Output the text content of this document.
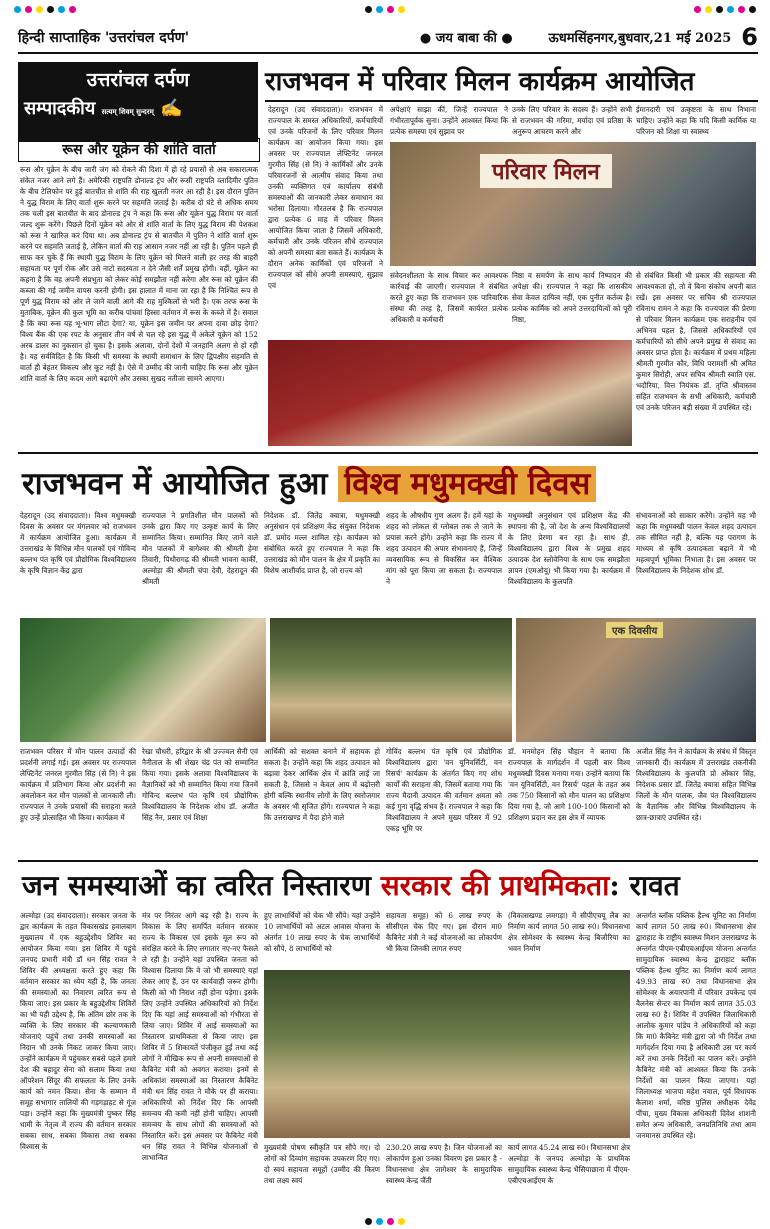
हिन्दी साप्ताहिक 'उत्तरांचल दर्पण'	● जय बाबा की ●	ऊधमसिंहनगर,बुधवार,21 मई 2025 6
उत्तरांचल दर्पण
सम्पादकीय सत्यम् शिवम् सुन्दरम् ✍
रूस और यूक्रेन की शांति वार्ता
रूस और यूक्रेन के बीच जारी जंग को रोकने की दिशा में हो रहे प्रयासों से अब सकारात्मक संकेत नजर आने लगे हैं। अमेरिकी राष्ट्रपति डोनाल्ड ट्रंप और रूसी राष्ट्रपति व्लादिमीर पुतिन के बीच टेलिफोन पर हुई बातचीत से शांति की राह खुलती नजर आ रही है। इस दौरान पुतिन ने युद्ध विराम के लिए वार्ता शुरू करने पर सहमति जताई है। करीब दो घंटे से अधिक समय तक चली इस बातचीत के बाद डोनाल्ड ट्रंप ने कहा कि रूस और यूक्रेन युद्ध विराम पर वार्ता जल्द शुरू करेंगे। पिछले दिनों यूक्रेन को ओर से शांति वार्ता के लिए युद्ध विराम की पेशकश को रूस ने खारिज कर दिया था। अब डोनाल्ड ट्रंप से बातचीत में पुतिन ने शांति वार्ता शुरू करने पर सहमति जताई है, लेकिन वार्ता की राह आसान नजर नहीं आ रही है। पुतिन पहले ही साफ कर चुके हैं कि स्थायी युद्ध विराम के लिए यूक्रेन को मिलने वाली हर तरह की बाहरी सहायता पर पूर्ण रोक और उसे नाटो सदस्यता न देने जैसी शर्तें प्रमुख होंगी। वहीं, यूक्रेन का कहना है कि वह अपनी संप्रभुता को लेकर कोई समझौता नहीं करेगा और रूस को यूक्रेन की कब्जा की गई जमीन वापस करनी होगी। इस हालात में माना जा रहा है कि निश्चित रूप से पूर्ण युद्ध विराम को ओर ले जाने वाली आगे की राह मुश्किलों से भरी है। एक तरफ रूस के मुताबिक, यूक्रेन की कुल भूमि का करीब पांचवां हिस्सा वर्तमान में रूस के कब्जे में है। सवाल है कि क्या रूस यह भू-भाग लौटा देगा? या, यूक्रेन इस जमीन पर अपना दावा छोड़ देगा? विश्व बैंक की एक रपट के अनुसार तीन वर्ष से चल रहे इस युद्ध में अकेले यूक्रेन को 152 अरब डालर का नुकसान हो चुका है। इसके अलावा, दोनों देशों में जनहानि अलग से हो रही है। यह सर्वविदित है कि किसी भी समस्या के स्थायी समाधान के लिए द्विपक्षीय सहमति से वार्ता ही बेहतर विकल्प और कूट नहीं है। ऐसे में उम्मीद की जानी चाहिए कि रूस और यूक्रेन शांति वार्ता के लिए कदम आगे बढ़ाएंगे और उसका सुखद नतीजा सामने आएगा।
राजभवन में परिवार मिलन कार्यक्रम आयोजित
देहरादून (उद संवाददाता)। राजभवन में राज्यपाल के समस्त अधिकारियों, कर्मचारियों एवं उनके परिजनों के लिए परिवार मिलन कार्यक्रम का आयोजन किया गया। इस अवसर पर राज्यपाल लेफ्टिनेंट जनरल गुरमीत सिंह (से नि) ने कार्मिकों और उनके परिवारजनों से आत्मीय संवाद किया तथा उनकी व्यक्तिगत एवं कार्यालय संबंधी समस्याओं की जानकारी लेकर समाधान का भरोसा दिलाया। गौरतलब है कि राज्यपाल द्वारा प्रत्येक 6 माह में परिवार मिलन आयोजित किया जाता है जिसमें अधिकारी, कर्मचारी और उनके परिजन सीधे राज्यपाल को अपनी समस्या बता सकते हैं। कार्यक्रम के दौरान अनेक कार्मिकों एवं परिजनों ने राज्यपाल को सीधे अपनी समस्याएं, सुझाव एवं
अपेक्षाएं साझा कीं, जिन्हें राज्यपाल ने गंभीरतापूर्वक सुना। उन्होंने आश्वस्त किया कि प्रत्येक समस्या एवं सुझाव पर
उनके लिए परिवार के सदस्य हैं। उन्होंने सभी से राजभवन की गरिमा, मर्यादा एवं प्रतिष्ठा के अनुरूप आचरण करने और
ईमानदारी एवं उत्कृष्टता के साथ निभाना चाहिए। उन्होंने कहा कि यदि किसी कार्मिक या परिजन को शिक्षा या स्वास्थ्य
परिवार मिलन
संवेदनशीलता के साथ विचार कर आवश्यक कार्रवाई की जाएगी। राज्यपाल ने संबंधित करते हुए कहा कि राजभवन एक पारिवारिक संस्था की तरह है, जिसमें कार्यरत प्रत्येक अधिकारी व कर्मचारी
निष्ठा व समर्पण के साथ कार्य निष्पादन की अपेक्षा की। राज्यपाल ने कहा कि शासकीय सेवा केवल दायित्व नहीं, एक पुनीत कर्तव्य है। प्रत्येक कार्मिक को अपने उत्तरदायित्वों को पूरी निष्ठा,
से संबंधित किसी भी प्रकार की सहायता की आवश्यकता हो, तो वे बिना संकोच अपनी बात रखें। इस अवसर पर सचिव श्री राज्यपाल रविनाथ रामन ने कहा कि राज्यपाल की प्रेरणा से परिवार मिलन कार्यक्रम एक सराहनीय एवं अभिनव पहल है, जिससे अधिकारियों एवं कर्मचारियों को सीधे अपने प्रमुख से संवाद का अवसर प्राप्त होता है। कार्यक्रम में प्रथम महिला श्रीमती गुरमीत कौर, विधि परामर्शी श्री अमित कुमार सिरोही, अपर सचिव श्रीमती स्वाति एस. भदौरिया, वित्त नियंत्रक डॉ. तृप्ति श्रीवास्तव सहित राजभवन के सभी अधिकारी, कर्मचारी एवं उनके परिजन बड़ी संख्या में उपस्थित रहे।
राजभवन में आयोजित हुआ विश्व मधुमक्खी दिवस
देहरादून (उद संवाददाता)। विश्व मधुमक्खी दिवस के अवसर पर मंगलवार को राजभवन में कार्यक्रम आयोजित हुआ। कार्यक्रम में उत्तराखंड के विभिन्न मौन पालकों एवं गोविन्द बल्लभ पंत कृषि एवं प्रौद्योगिक विश्वविद्यालय के कृषि विज्ञान केंद्र द्वारा
राज्यपाल ने प्रगतिशील मौन पालकों को उनके द्वारा किए गए उत्कृष्ट कार्य के लिए सम्मानित किया। सम्मानित किए जाने वाले मौन पालकों में बागेश्वर की श्रीमती हेमा तिवारी, पिथौरागढ़ की श्रीमती भावना कार्की, अल्मोड़ा की श्रीमती चंपा देवी, देहरादून की श्रीमती
निदेशक डॉ. जितेंद्र क्वात्रा, मधुमक्खी अनुसंधान एवं प्रशिक्षण केंद्र संयुक्त निदेशक डॉ. प्रमोद मल्ल शामिल रहे। कार्यक्रम को संबोधित करते हुए राज्यपाल ने कहा कि उत्तराखंड को मौन पालन के क्षेत्र में प्रकृति का विशेष आशीर्वाद प्राप्त है, जो राज्य को
शहद के औषधीय गुण अलग हैं। हमें यहां के शहद को लोकल से ग्लोबल तक ले जाने के प्रयास करने होंगे। उन्होंने कहा कि राज्य में शहद उत्पादन की अपार संभावनाएं हैं, जिन्हें व्यवसायिक रूप से विकसित कर वैश्विक मांग को पूरा किया जा सकता है। राज्यपाल ने
मधुमक्खी अनुसंधान एवं प्रशिक्षण केंद्र की स्थापना की है, जो देश के अन्य विश्वविद्यालयों के लिए प्रेरणा बन रहा है। साथ ही, विश्वविद्यालय द्वारा विश्व के प्रमुख शहद उत्पादक देश स्लोवेनिया के साथ एक समझौता ज्ञापन (एमओयू) भी किया गया है। कार्यक्रम में विश्वविद्यालय के कुलपति
संभावनाओं को साकार करेंगे। उन्होंने यह भी कहा कि मधुमक्खी पालन केवल शहद उत्पादन तक सीमित नहीं है, बल्कि यह परागण के माध्यम से कृषि उत्पादकता बढ़ाने में भी महत्वपूर्ण भूमिका निभाता है। इस अवसर पर विश्वविद्यालय के निदेशक शोध डॉ.
एक दिवसीय
राजभवन परिसर में मौन पालन उत्पादों की प्रदर्शनी लगाई गई। इस अवसर पर राज्यपाल लेफ्टिनेंट जनरल गुरमीत सिंह (से नि) ने इस कार्यक्रम में प्रतिभाग किया और प्रदर्शनी का अवलोकन कर मौन पालकों से जानकारी ली। राज्यपाल ने उनके प्रयासों की सराहना करते हुए उन्हें प्रोत्साहित भी किया। कार्यक्रम में
रेखा चौधरी, हरिद्वार के श्री उज्ज्वल सैनी एवं नैनीताल के श्री शेखर चंद्र पंत को सम्मानित किया गया। इसके अलावा विश्वविद्यालय के वैज्ञानिकों को भी सम्मानित किया गया जिनमें गोविन्द बल्लभ पंत कृषि एवं प्रौद्योगिक विश्वविद्यालय के निदेशक शोध डॉ. अजीत सिंह नैन, प्रसार एवं शिक्षा
आर्थिकी को सशक्त बनाने में सहायक हो सकता है। उन्होंने कहा कि शहद उत्पादन को बढ़ावा देकर आर्थिक क्षेत्र में क्रांति लाई जा सकती है, जिससे न केवल आय में बढ़ोत्तरी होगी बल्कि स्थानीय लोगों के लिए स्वरोजगार के अवसर भी सृजित होंगे। राज्यपाल ने कहा कि उत्तराखण्ड में पैदा होने वाले
गोविंद बल्लभ पंत कृषि एवं प्रौद्योगिक विश्वविद्यालय द्वारा 'वन यूनिवर्सिटी, वन रिसर्च' कार्यक्रम के अंतर्गत किए गए शोध कार्यों की सराहना की, जिसमें बताया गया कि राज्य मैदानी उत्पादन की वर्तमान क्षमता को कई गुना वृद्धि संभव है। राज्यपाल ने कहा कि विश्वविद्यालय ने अपने मुख्य परिसर में 92 एकड़ भूमि पर
डॉ. मनमोहन सिंह चौहान ने बताया कि राज्यपाल के मार्गदर्शन में पहली बार विश्व मधुमक्खी दिवस मनाया गया। उन्होंने बताया कि 'वन यूनिवर्सिटी, वन रिसर्च' पहल के तहत अब तक 750 किसानों को मौन पालन का प्रशिक्षण दिया गया है, जो आगे 100-100 किसानों को प्रशिक्षण प्रदान कर इस क्षेत्र में व्यापक
अजीत सिंह नैन ने कार्यक्रम के संबंध में विस्तृत जानकारी दी। कार्यक्रम में उत्तराखंड तकनीकी विश्वविद्यालय के कुलपति प्रो ओंकार सिंह, निदेशक प्रसार डॉ. जितेंद्र क्वात्रा सहित विभिन्न जिलों के मौन पालक, जैव पंत विश्वविद्यालय के वैज्ञानिक और विभिन्न विश्वविद्यालय के छात्र-छात्राएं उपस्थित रहे।
जन समस्याओं का त्वरित निस्तारण सरकार की प्राथमिकता: रावत
अल्मोड़ा (उद संवाददाता)। सरकार जनता के द्वार कार्यक्रम के तहत विकासखंड हवालबाग मुख्यालय में एक बहुउद्देशीय शिविर का आयोजन किया गया। इस शिविर में पहुंचे जनपद प्रभारी मंत्री डॉ धन सिंह रावत ने शिविर की अध्यक्षता करते हुए कहा कि वर्तमान सरकार का ध्येय यही है, कि जनता की समस्याओं का निवारण त्वरित रूप से किया जाए। इस प्रकार के बहुउद्देशीय शिविरों का भी यही उद्देश्य है, कि अंतिम छोर तक के व्यक्ति के लिए सरकार की कल्याणकारी योजनाएं पहुंचें तथा उनकी समस्याओं का निदान भी उनके निकट जाकर किया जाए। उन्होंने कार्यक्रम में पहुंचकर सबसे पहले हमारे देश की बहादुर सेना को सलाम किया तथा ऑपरेशन सिंदूर की सफलता के लिए उनके कार्य को नमन किया। सेना के सम्मान में समूह सभागार तालियों की गड़गड़ाहट से गूंज पड़ा। उन्होंने कहा कि मुख्यमंत्री पुष्कर सिंह धामी के नेतृत्व में राज्य की वर्तमान सरकार सबका साथ, सबका विकास तथा सबका विश्वास के
मंत्र पर निरंतर आगे बढ़ रही है। राज्य के विकास के लिए समर्पित वर्तमान सरकार राज्य के विकास एवं इसके मूल रूप को संरक्षित करने के लिए लगातार नए-नए फैसले ले रही है। उन्होंने यहां उपस्थित जनता को विश्वास दिलाया कि वे जो भी समस्याएं यहां लेकर आए हैं, उन पर कार्यवाही जरूर होगी। किसी को भी निराश नहीं होना पड़ेगा। इसके लिए उन्होंने उपस्थित अधिकारियों को निर्देश दिए कि यहां आई समस्याओं को गंभीरता से लिया जाए। शिविर में आई समस्याओं का निस्तारण प्राथमिकता से किया जाए। इस शिविर में 5 शिकायतें पंजीकृत हुईं तथा कई लोगों ने मौखिक रूप से अपनी समस्याओं से कैबिनेट मंत्री को अवगत कराया। इनमें से अधिकांश समस्याओं का निस्तारण कैबिनेट मंत्री धन सिंह रावत ने मौके पर ही कराया। अधिकारियों को निर्देश दिए कि आपसी समन्वय की कमी नहीं होनी चाहिए। आपसी समन्वय के साथ लोगों की समस्याओं को निस्तारित करें। इस अवसर पर कैबिनेट मंत्री धन सिंह रावत ने विभिन्न योजनाओं से लाभान्वित
हुए लाभार्थियों को चेक भी सौंपे। यहां उन्होंने 10 लाभार्थियों को अटल आवास योजना के अंतर्गत 10 लाख रुपए के चेक लाभार्थियों को सौंपे, 8 लाभार्थियों को
सहायता समूह) को 6 लाख रुपए के सीसीएल चेक दिए गए। इस दौरान मा0 कैबिनेट मंत्री ने कई योजनाओं का लोकार्पण भी किया जिनकी लागत रुपए
(विकासखण्ड लमगड़ा) में सीपीएचयू लैब का निर्माण कार्य लागत 50 लाख रु0। विधानसभा क्षेत्र सोमेश्वर के स्वास्थ्य केन्द्र बिजौरिया का भवन निर्माण
अन्तर्गत ब्लॉक पब्लिक हैल्थ यूनिट का निर्माण कार्य लागत 50 लाख रु0। विधानसभा क्षेत्र द्वाराहाट के राष्ट्रीय स्वास्थ्य मिशन उत्तराखण्ड के अन्तर्गत पीएम-एबीएचआईएम योजना अन्तर्गत सामुदायिक स्वास्थ्य केन्द्र द्वाराहाट ब्लॉक पब्लिक हैल्थ यूनिट का निर्माण कार्य लागत 49.93 लाख रु0 तथा विधानसभा क्षेत्र सोमेश्वर के अयारपानी में परिवार उपकेन्द्र एवं वैलनेस सेन्टर का निर्माण कार्य लागत 35.03 लाख रु0 है। शिविर में उपस्थित जिलाधिकारी आलोक कुमार पांडेय ने अधिकारियों को कहा कि मा0 कैबिनेट मंत्री द्वारा जो भी निर्देश तथा मार्गदर्शन दिया गया है अधिकारी उस पर कार्य करें तथा उनके निर्देशों का पालन करें। उन्होंने कैबिनेट मंत्री को आश्वस्त किया कि उनके निर्देशों का पालन किया जाएगा। यहां जिलाध्यक्ष भाजपा महेश नयाल, पूर्व विधायक कैलाश शर्मा, वरिष्ठ पुलिस अधीक्षक देवेंद्र पींचा, मुख्य विकास अधिकारी दिवेश शाशनी समेत अन्य अधिकारी, जनप्रतिनिधि तथा आम जनमानस उपस्थित रहे।
मुख्यमंत्री पोषण स्वीकृति पत्र सौंपे गए। दो लोगों को दिव्यांग सहायक उपकरण दिए गए। दो स्वयं सहायता समूहों (उम्मीद की किरण तथा लक्ष्य स्वयं
230.20 लाख रुपए है। जिन योजनाओं का लोकार्पण हुआ उनका विवरण इस प्रकार है - विधानसभा क्षेत्र जागेश्वर के सामुदायिक स्वास्थ्य केन्द्र जैंती
कार्य लागत 45.24 लाख रु0। विधानसभा क्षेत्र अल्मोड़ा के जनपद अल्मोड़ा के प्राथमिक सामुदायिक स्वास्थ्य केन्द्र भैसियाछाना में पीएम-एबीएचआईएम के
